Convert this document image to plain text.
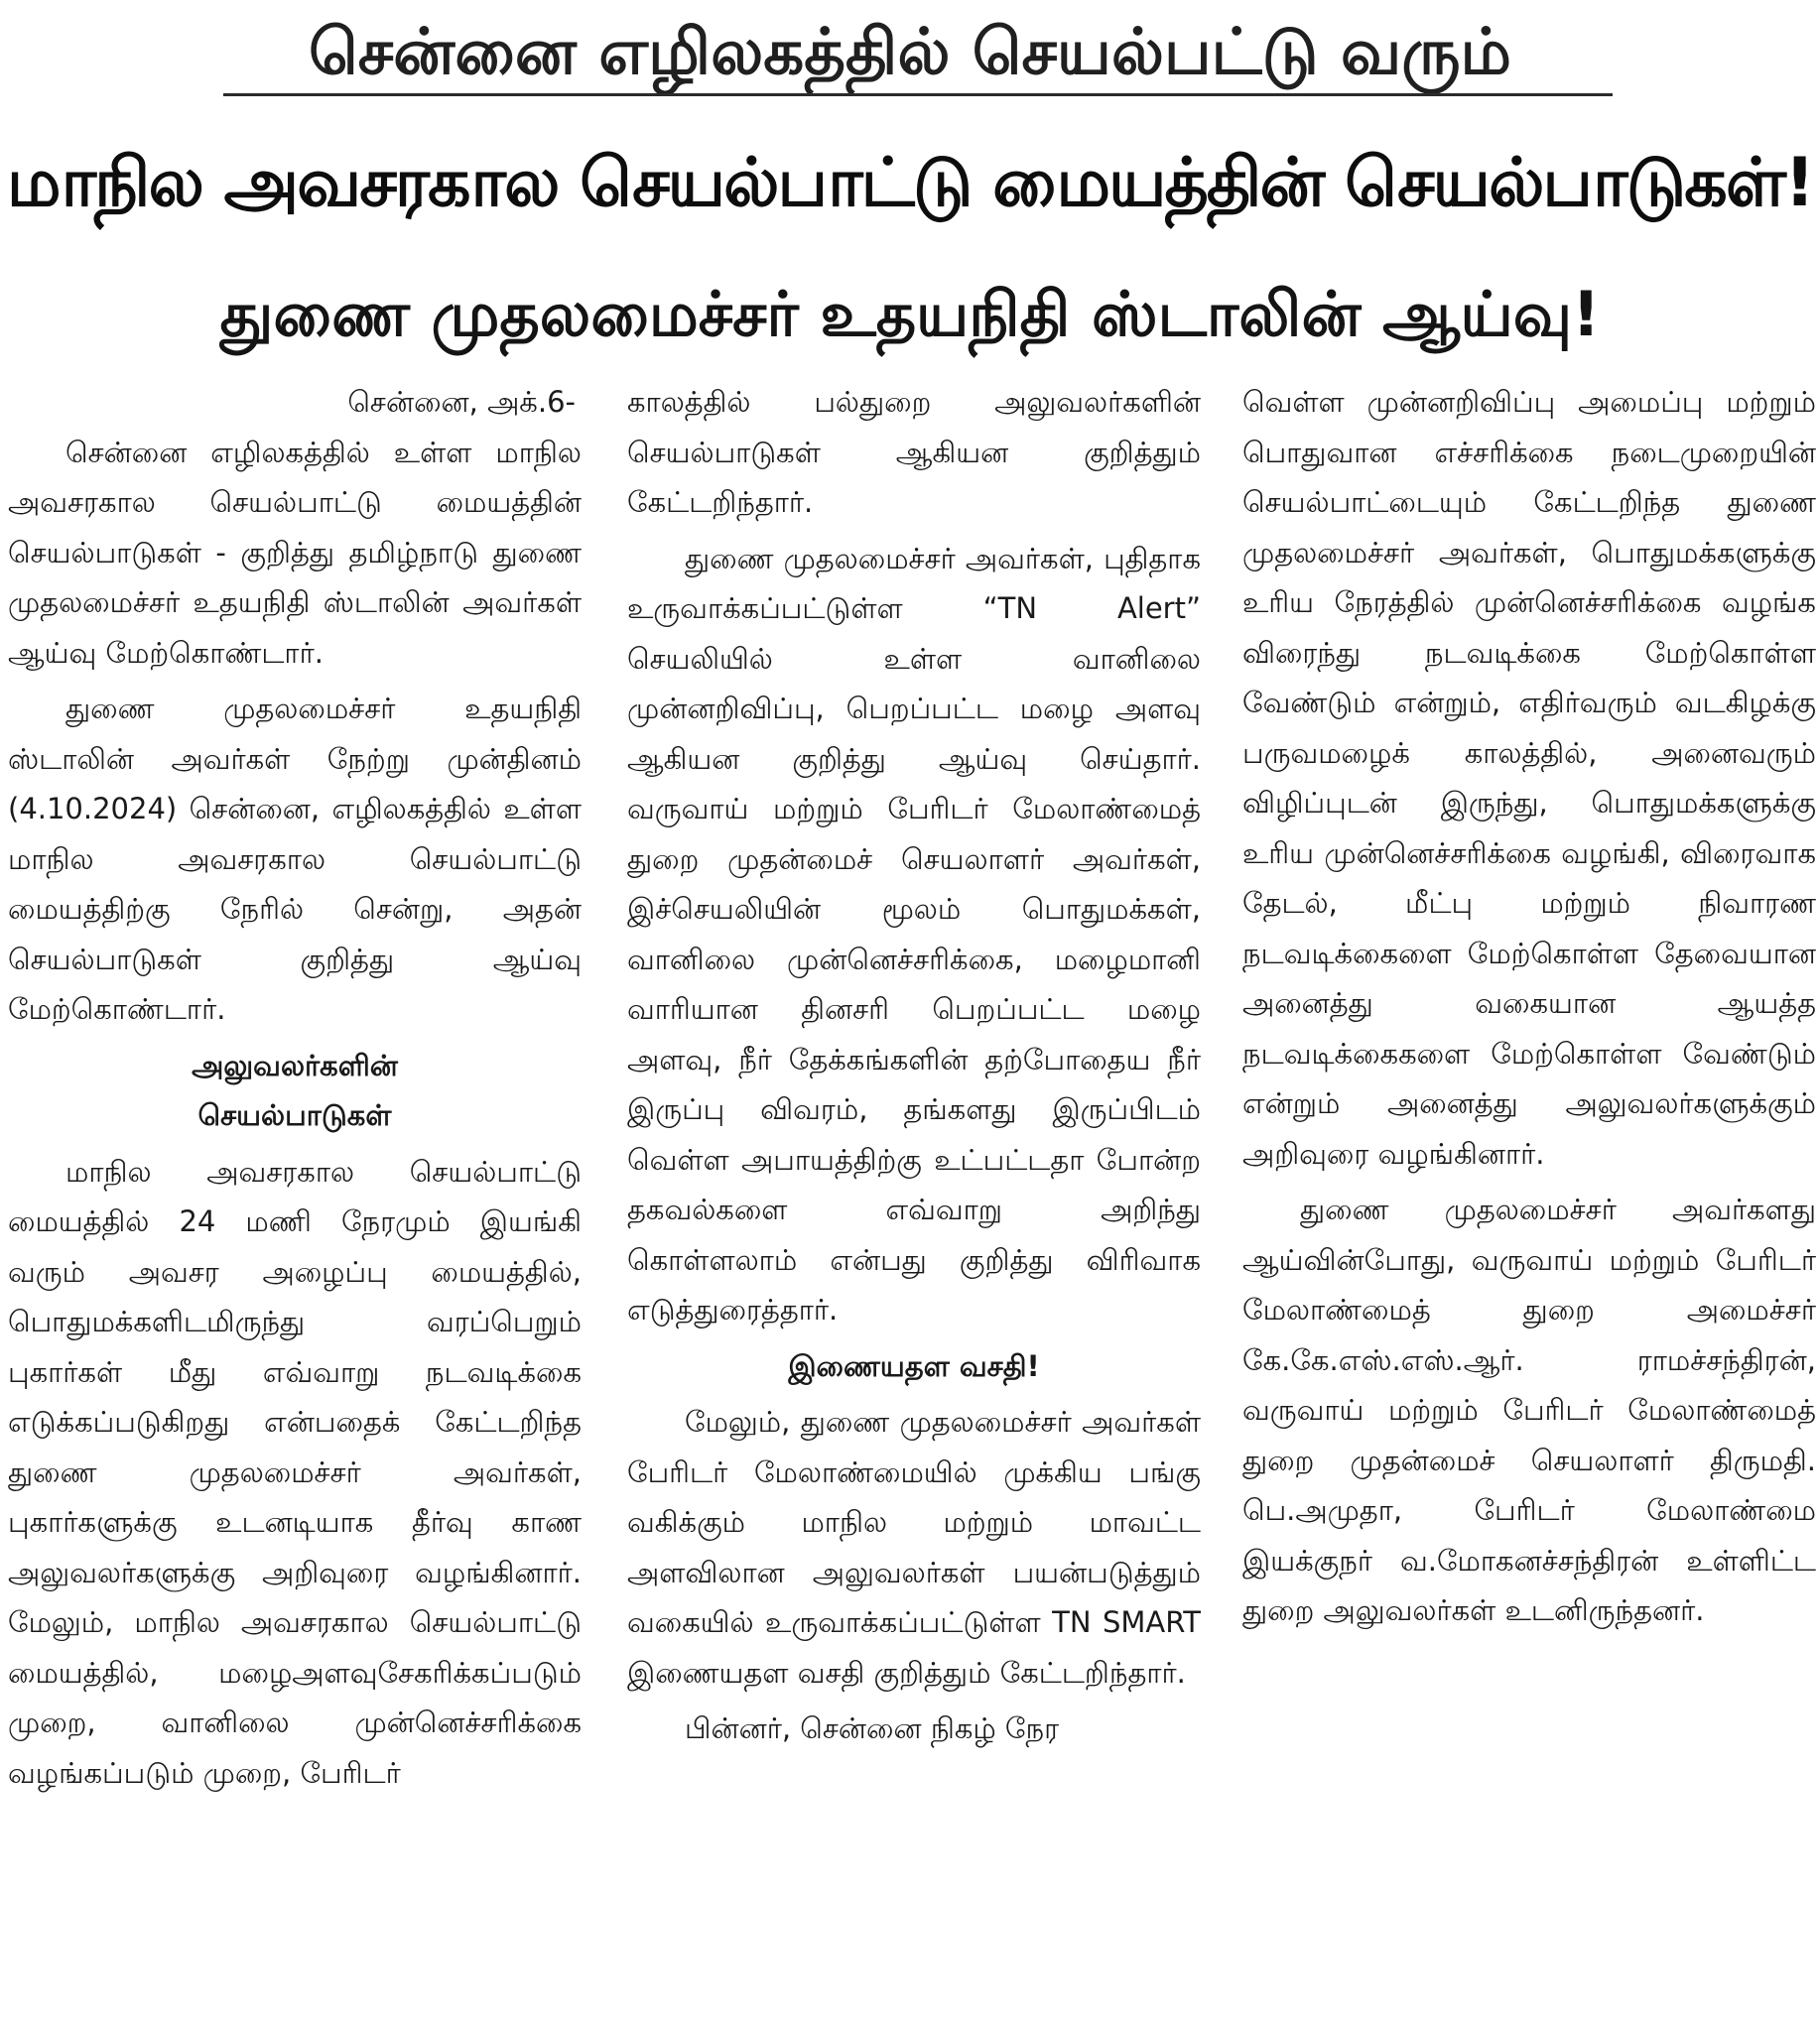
சென்னை எழிலகத்தில் செயல்பட்டு வரும்
மாநில அவசரகால செயல்பாட்டு மையத்தின் செயல்பாடுகள்!
துணை முதலமைச்சர் உதயநிதி ஸ்டாலின் ஆய்வு!
சென்னை, அக்.6-

சென்னை எழிலகத்தில் உள்ள மாநில அவசரகால செயல்பாட்டு மையத்தின் செயல்பாடுகள் - குறித்து தமிழ்நாடு துணை முதலமைச்சர் உதயநிதி ஸ்டாலின் அவர்கள் ஆய்வு மேற்கொண்டார்.

துணை முதலமைச்சர் உதயநிதி ஸ்டாலின் அவர்கள் நேற்று முன்தினம் (4.10.2024) சென்னை, எழிலகத்தில் உள்ள மாநில அவசரகால செயல்பாட்டு மையத்திற்கு நேரில் சென்று, அதன் செயல்பாடுகள் குறித்து ஆய்வு மேற்கொண்டார்.

அலுவலர்களின்
செயல்பாடுகள்

மாநில அவசரகால செயல்பாட்டு மையத்தில் 24 மணி நேரமும் இயங்கி வரும் அவசர அழைப்பு மையத்தில், பொதுமக்களிடமிருந்து வரப்பெறும் புகார்கள் மீது எவ்வாறு நடவடிக்கை எடுக்கப்படுகிறது என்பதைக் கேட்டறிந்த துணை முதலமைச்சர் அவர்கள், புகார்களுக்கு உடனடியாக தீர்வு காண அலுவலர்களுக்கு அறிவுரை வழங்கினார். மேலும், மாநில அவசரகால செயல்பாட்டு மையத்தில், மழைஅளவுசேகரிக்கப்படும் முறை, வானிலை முன்னெச்சரிக்கை வழங்கப்படும் முறை, பேரிடர்

காலத்தில் பல்துறை அலுவலர்களின் செயல்பாடுகள் ஆகியன குறித்தும் கேட்டறிந்தார்.

துணை முதலமைச்சர் அவர்கள், புதிதாக உருவாக்கப்பட்டுள்ள “TN Alert” செயலியில் உள்ள வானிலை முன்னறிவிப்பு, பெறப்பட்ட மழை அளவு ஆகியன குறித்து ஆய்வு செய்தார். வருவாய் மற்றும் பேரிடர் மேலாண்மைத் துறை முதன்மைச் செயலாளர் அவர்கள், இச்செயலியின் மூலம் பொதுமக்கள், வானிலை முன்னெச்சரிக்கை, மழைமானி வாரியான தினசரி பெறப்பட்ட மழை அளவு, நீர் தேக்கங்களின் தற்போதைய நீர் இருப்பு விவரம், தங்களது இருப்பிடம் வெள்ள அபாயத்திற்கு உட்பட்டதா போன்ற தகவல்களை எவ்வாறு அறிந்து கொள்ளலாம் என்பது குறித்து விரிவாக எடுத்துரைத்தார்.

இணையதள வசதி!

மேலும், துணை முதலமைச்சர் அவர்கள் பேரிடர் மேலாண்மையில் முக்கிய பங்கு வகிக்கும் மாநில மற்றும் மாவட்ட அளவிலான அலுவலர்கள் பயன்படுத்தும் வகையில் உருவாக்கப்பட்டுள்ள TN SMART இணையதள வசதி குறித்தும் கேட்டறிந்தார்.

பின்னர், சென்னை நிகழ் நேர

வெள்ள முன்னறிவிப்பு அமைப்பு மற்றும் பொதுவான எச்சரிக்கை நடைமுறையின் செயல்பாட்டையும் கேட்டறிந்த துணை முதலமைச்சர் அவர்கள், பொதுமக்களுக்கு உரிய நேரத்தில் முன்னெச்சரிக்கை வழங்க விரைந்து நடவடிக்கை மேற்கொள்ள வேண்டும் என்றும், எதிர்வரும் வடகிழக்கு பருவமழைக் காலத்தில், அனைவரும் விழிப்புடன் இருந்து, பொதுமக்களுக்கு உரிய முன்னெச்சரிக்கை வழங்கி, விரைவாக தேடல், மீட்பு மற்றும் நிவாரண நடவடிக்கைளை மேற்கொள்ள தேவையான அனைத்து வகையான ஆயத்த நடவடிக்கைகளை மேற்கொள்ள வேண்டும் என்றும் அனைத்து அலுவலர்களுக்கும் அறிவுரை வழங்கினார்.

துணை முதலமைச்சர் அவர்களது ஆய்வின்போது, வருவாய் மற்றும் பேரிடர் மேலாண்மைத் துறை அமைச்சர் கே.கே.எஸ்.எஸ்.ஆர். ராமச்சந்திரன், வருவாய் மற்றும் பேரிடர் மேலாண்மைத் துறை முதன்மைச் செயலாளர் திருமதி. பெ.அமுதா, பேரிடர் மேலாண்மை இயக்குநர் வ.மோகனச்சந்திரன் உள்ளிட்ட துறை அலுவலர்கள் உடனிருந்தனர்.
